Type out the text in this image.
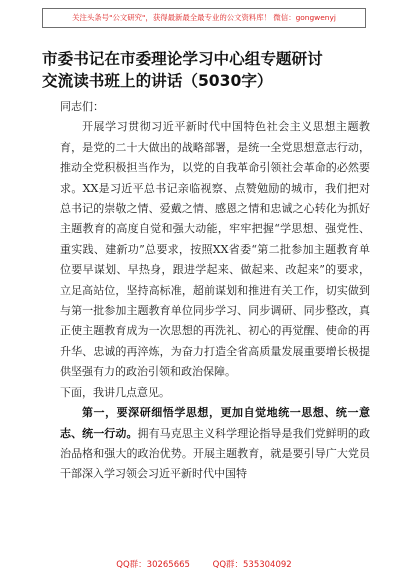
关注头条号"公文研究"，获得最新最全最专业的公文资料库！ 微信：gongwenyj
市委书记在市委理论学习中心组专题研讨
交流读书班上的讲话（5030字）

同志们：

开展学习贯彻习近平新时代中国特色社会主义思想主题教育，是党的二十大做出的战略部署，是统一全党思想意志行动，推动全党积极担当作为，以党的自我革命引领社会革命的必然要求。XX是习近平总书记亲临视察、点赞勉励的城市，我们把对总书记的崇敬之情、爱戴之情、感恩之情和忠诚之心转化为抓好主题教育的高度自觉和强大动能，牢牢把握“学思想、强党性、重实践、建新功”总要求，按照XX省委“第二批参加主题教育单位要早谋划、早热身，跟进学起来、做起来、改起来”的要求，立足高站位，坚持高标准，超前谋划和推进有关工作，切实做到与第一批参加主题教育单位同步学习、同步调研、同步整改，真正使主题教育成为一次思想的再洗礼、初心的再觉醒、使命的再升华、忠诚的再淬炼，为奋力打造全省高质量发展重要增长极提供坚强有力的政治引领和政治保障。

下面，我讲几点意见。

第一，要深研细悟学思想，更加自觉地统一思想、统一意志、统一行动。拥有马克思主义科学理论指导是我们党鲜明的政治品格和强大的政治优势。开展主题教育，就是要引导广大党员干部深入学习领会习近平新时代中国特

QQ群：30265665	QQ群：535304092
